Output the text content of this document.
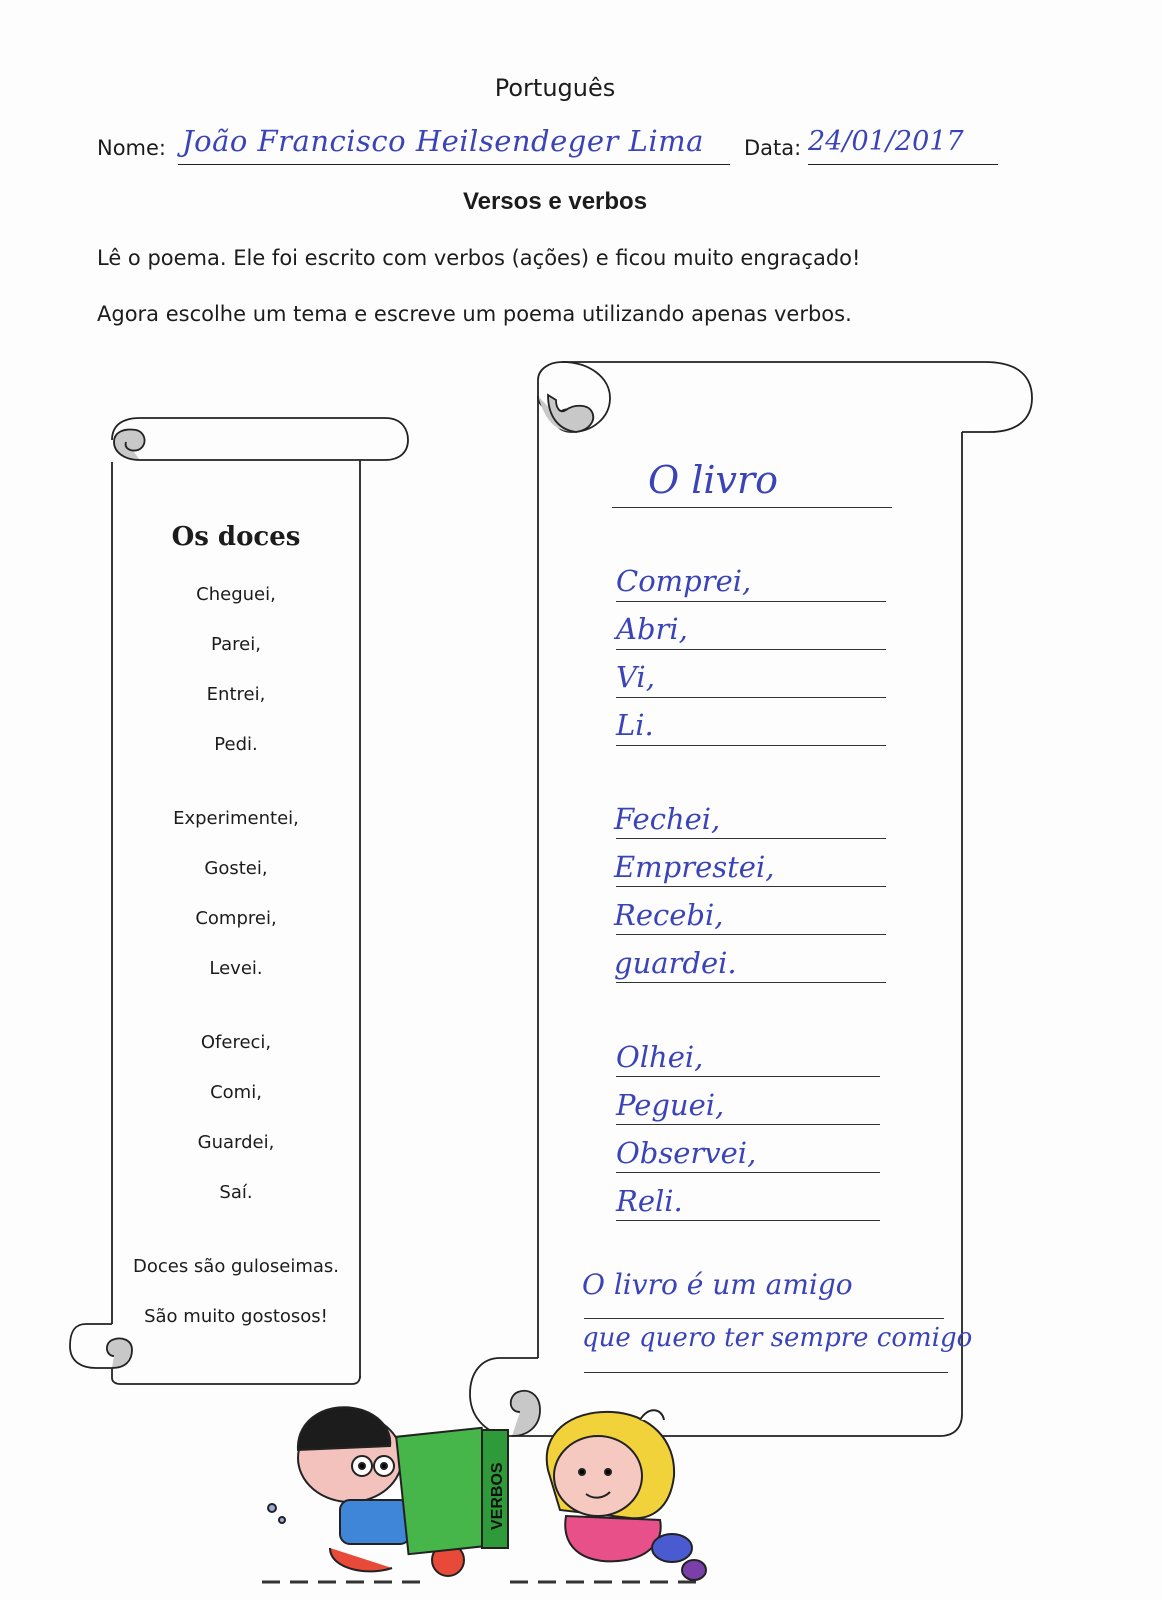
Português
Nome: João Francisco Heilsendeger Lima Data: 24/01/2017
Versos e verbos
Lê o poema. Ele foi escrito com verbos (ações) e ficou muito engraçado!
Agora escolhe um tema e escreve um poema utilizando apenas verbos.
VERBOS
Os doces
Cheguei,
Parei,
Entrei,
Pedi.
Experimentei,
Gostei,
Comprei,
Levei.
Ofereci,
Comi,
Guardei,
Saí.
Doces são guloseimas.
São muito gostosos!
O livro
Comprei,
Abri,
Vi,
Li.
Fechei,
Emprestei,
Recebi,
guardei.
Olhei,
Peguei,
Observei,
Reli.
O livro é um amigo
que quero ter sempre comigo
